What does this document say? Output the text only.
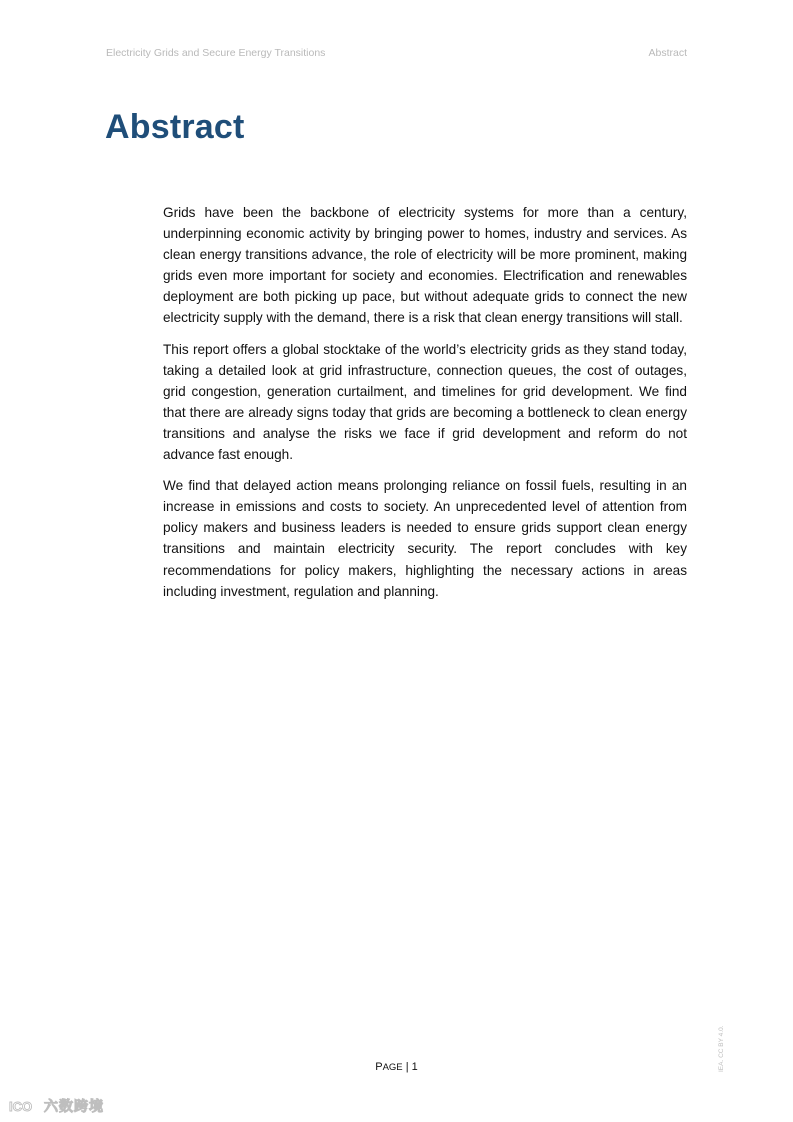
Electricity Grids and Secure Energy Transitions	Abstract
Abstract

Grids have been the backbone of electricity systems for more than a century, underpinning economic activity by bringing power to homes, industry and services. As clean energy transitions advance, the role of electricity will be more prominent, making grids even more important for society and economies. Electrification and renewables deployment are both picking up pace, but without adequate grids to connect the new electricity supply with the demand, there is a risk that clean energy transitions will stall.

This report offers a global stocktake of the world’s electricity grids as they stand today, taking a detailed look at grid infrastructure, connection queues, the cost of outages, grid congestion, generation curtailment, and timelines for grid development. We find that there are already signs today that grids are becoming a bottleneck to clean energy transitions and analyse the risks we face if grid development and reform do not advance fast enough.

We find that delayed action means prolonging reliance on fossil fuels, resulting in an increase in emissions and costs to society. An unprecedented level of attention from policy makers and business leaders is needed to ensure grids support clean energy transitions and maintain electricity security. The report concludes with key recommendations for policy makers, highlighting the necessary actions in areas including investment, regulation and planning.

PAGE | 1	IEA. CC BY 4.0.
ICO 六数跨境
